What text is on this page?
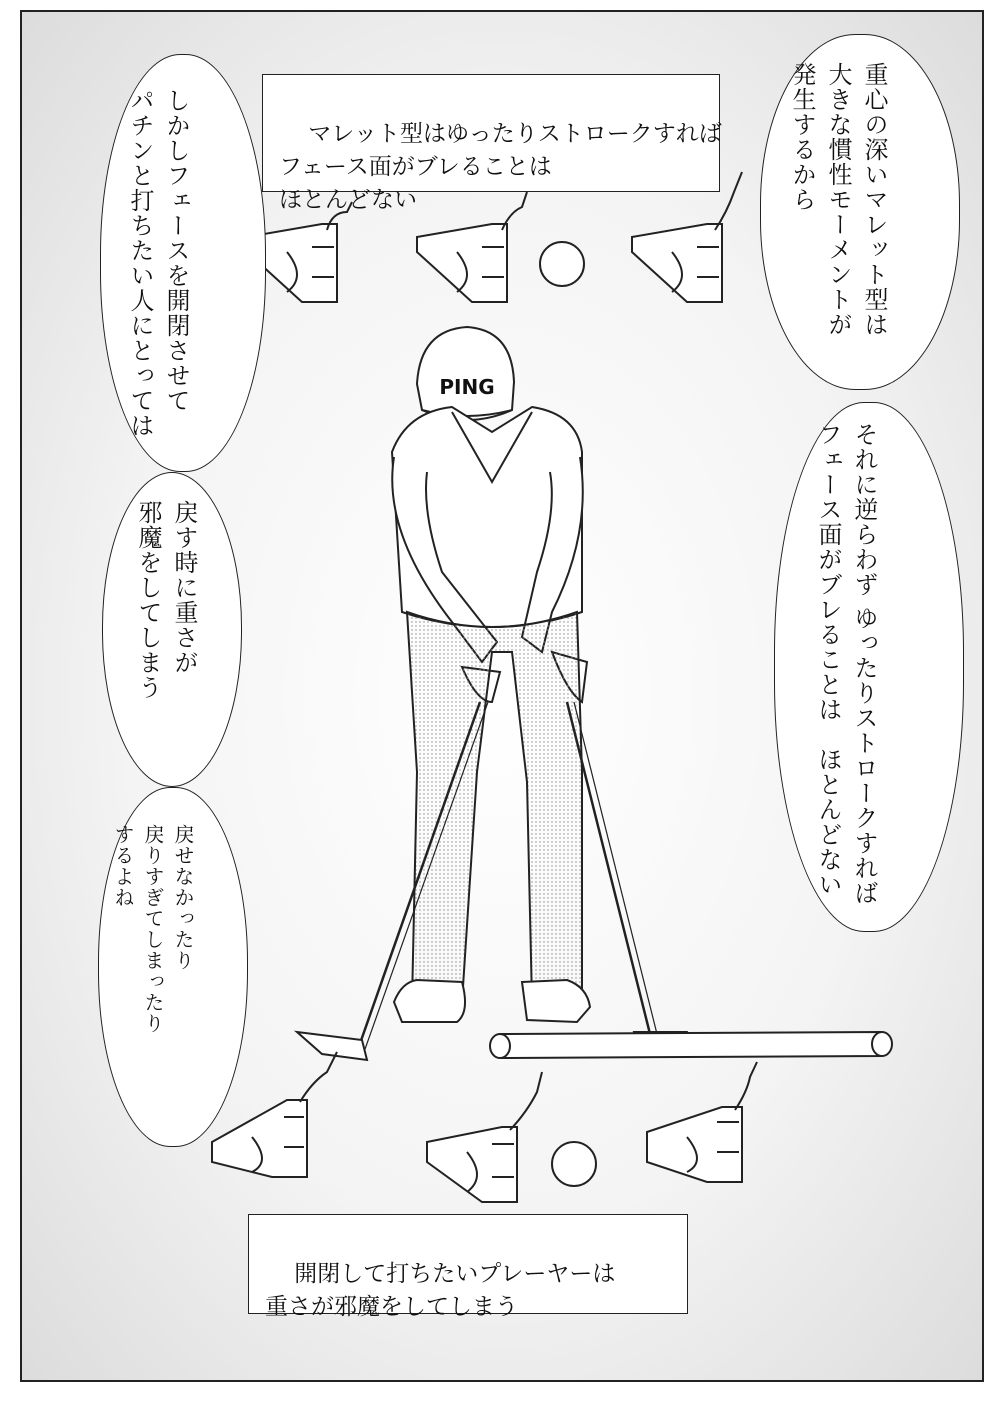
PING

マレット型はゆったりストロークすれば
フェース面がブレることは
ほとんどない
	重心の深いマレット型は
大きな慣性モーメントが
発生するから
それに逆らわず ゆったりストロークすれば
フェース面がブレることは　ほとんどない
しかしフェースを開閉させて
パチンと打ちたい人にとっては
戻す時に重さが
邪魔をしてしまう
戻せなかったり
戻りすぎてしまったり
するよね

開閉して打ちたいプレーヤーは
重さが邪魔をしてしまう
